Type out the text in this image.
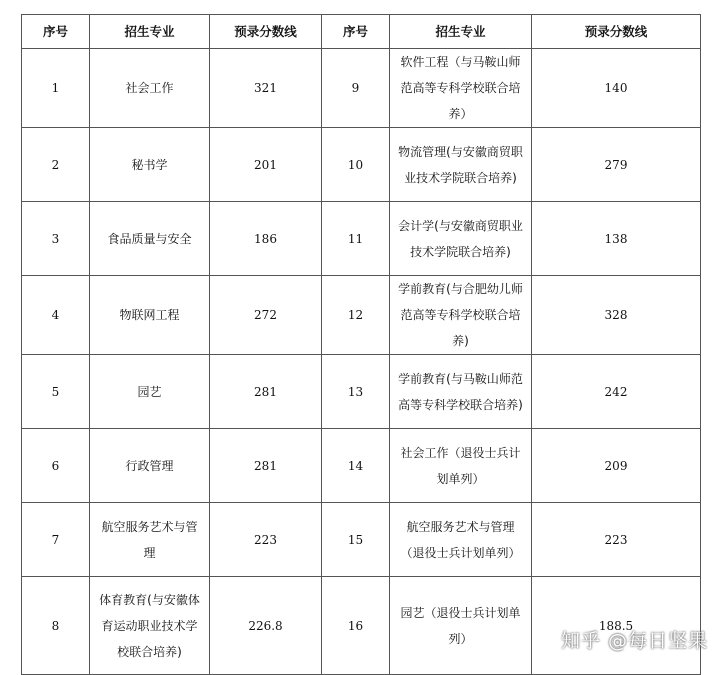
序号	招生专业	预录分数线	序号	招生专业	预录分数线
1	社会工作	321	9	软件工程（与马鞍山师范高等专科学校联合培养）	140
2	秘书学	201	10	物流管理(与安徽商贸职业技术学院联合培养)	279
3	食品质量与安全	186	11	会计学(与安徽商贸职业技术学院联合培养)	138
4	物联网工程	272	12	学前教育(与合肥幼儿师范高等专科学校联合培养)	328
5	园艺	281	13	学前教育(与马鞍山师范高等专科学校联合培养)	242
6	行政管理	281	14	社会工作（退役士兵计划单列）	209
7	航空服务艺术与管理	223	15	航空服务艺术与管理（退役士兵计划单列）	223
8	体育教育(与安徽体育运动职业技术学校联合培养)	226.8	16	园艺（退役士兵计划单列）	188.5
知乎 @每日坚果
